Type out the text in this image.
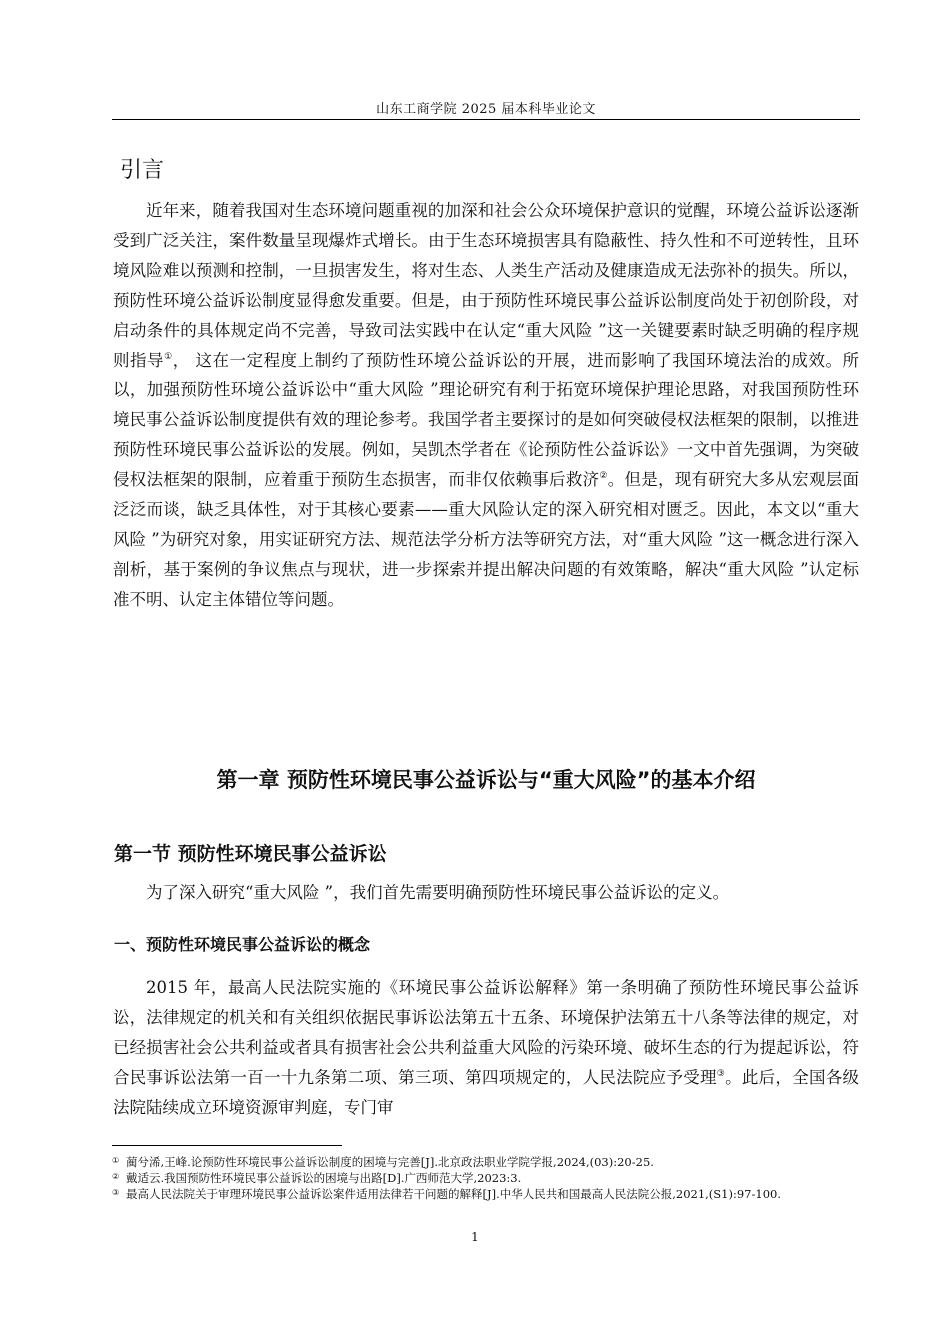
山东工商学院 2025 届本科毕业论文
引言

近年来，随着我国对生态环境问题重视的加深和社会公众环境保护意识的觉醒，环境公益诉讼逐渐受到广泛关注，案件数量呈现爆炸式增长。由于生态环境损害具有隐蔽性、持久性和不可逆转性，且环境风险难以预测和控制，一旦损害发生，将对生态、人类生产活动及健康造成无法弥补的损失。所以，预防性环境公益诉讼制度显得愈发重要。但是，由于预防性环境民事公益诉讼制度尚处于初创阶段，对启动条件的具体规定尚不完善，导致司法实践中在认定“重大风险 ”这一关键要素时缺乏明确的程序规则指导①， 这在一定程度上制约了预防性环境公益诉讼的开展，进而影响了我国环境法治的成效。所以，加强预防性环境公益诉讼中“重大风险 ”理论研究有利于拓宽环境保护理论思路，对我国预防性环境民事公益诉讼制度提供有效的理论参考。我国学者主要探讨的是如何突破侵权法框架的限制，以推进预防性环境民事公益诉讼的发展。例如，吴凯杰学者在《论预防性公益诉讼》一文中首先强调，为突破侵权法框架的限制，应着重于预防生态损害，而非仅依赖事后救济②。但是，现有研究大多从宏观层面泛泛而谈，缺乏具体性，对于其核心要素——重大风险认定的深入研究相对匮乏。因此，本文以“重大风险 ”为研究对象，用实证研究方法、规范法学分析方法等研究方法，对“重大风险 ”这一概念进行深入剖析，基于案例的争议焦点与现状，进一步探索并提出解决问题的有效策略，解决“重大风险 ”认定标准不明、认定主体错位等问题。

第一章 预防性环境民事公益诉讼与“重大风险”的基本介绍
第一节 预防性环境民事公益诉讼

为了深入研究“重大风险 ”，我们首先需要明确预防性环境民事公益诉讼的定义。

一、预防性环境民事公益诉讼的概念

2015 年，最高人民法院实施的《环境民事公益诉讼解释》第一条明确了预防性环境民事公益诉讼，法律规定的机关和有关组织依据民事诉讼法第五十五条、环境保护法第五十八条等法律的规定，对已经损害社会公共利益或者具有损害社会公共利益重大风险的污染环境、破坏生态的行为提起诉讼，符合民事诉讼法第一百一十九条第二项、第三项、第四项规定的，人民法院应予受理③。此后，全国各级法院陆续成立环境资源审判庭，专门审

① 蔺兮浠,王峰.论预防性环境民事公益诉讼制度的困境与完善[J].北京政法职业学院学报,2024,(03):20-25.
② 戴适云.我国预防性环境民事公益诉讼的困境与出路[D].广西师范大学,2023:3.
③ 最高人民法院关于审理环境民事公益诉讼案件适用法律若干问题的解释[J].中华人民共和国最高人民法院公报,2021,(S1):97-100.
1
